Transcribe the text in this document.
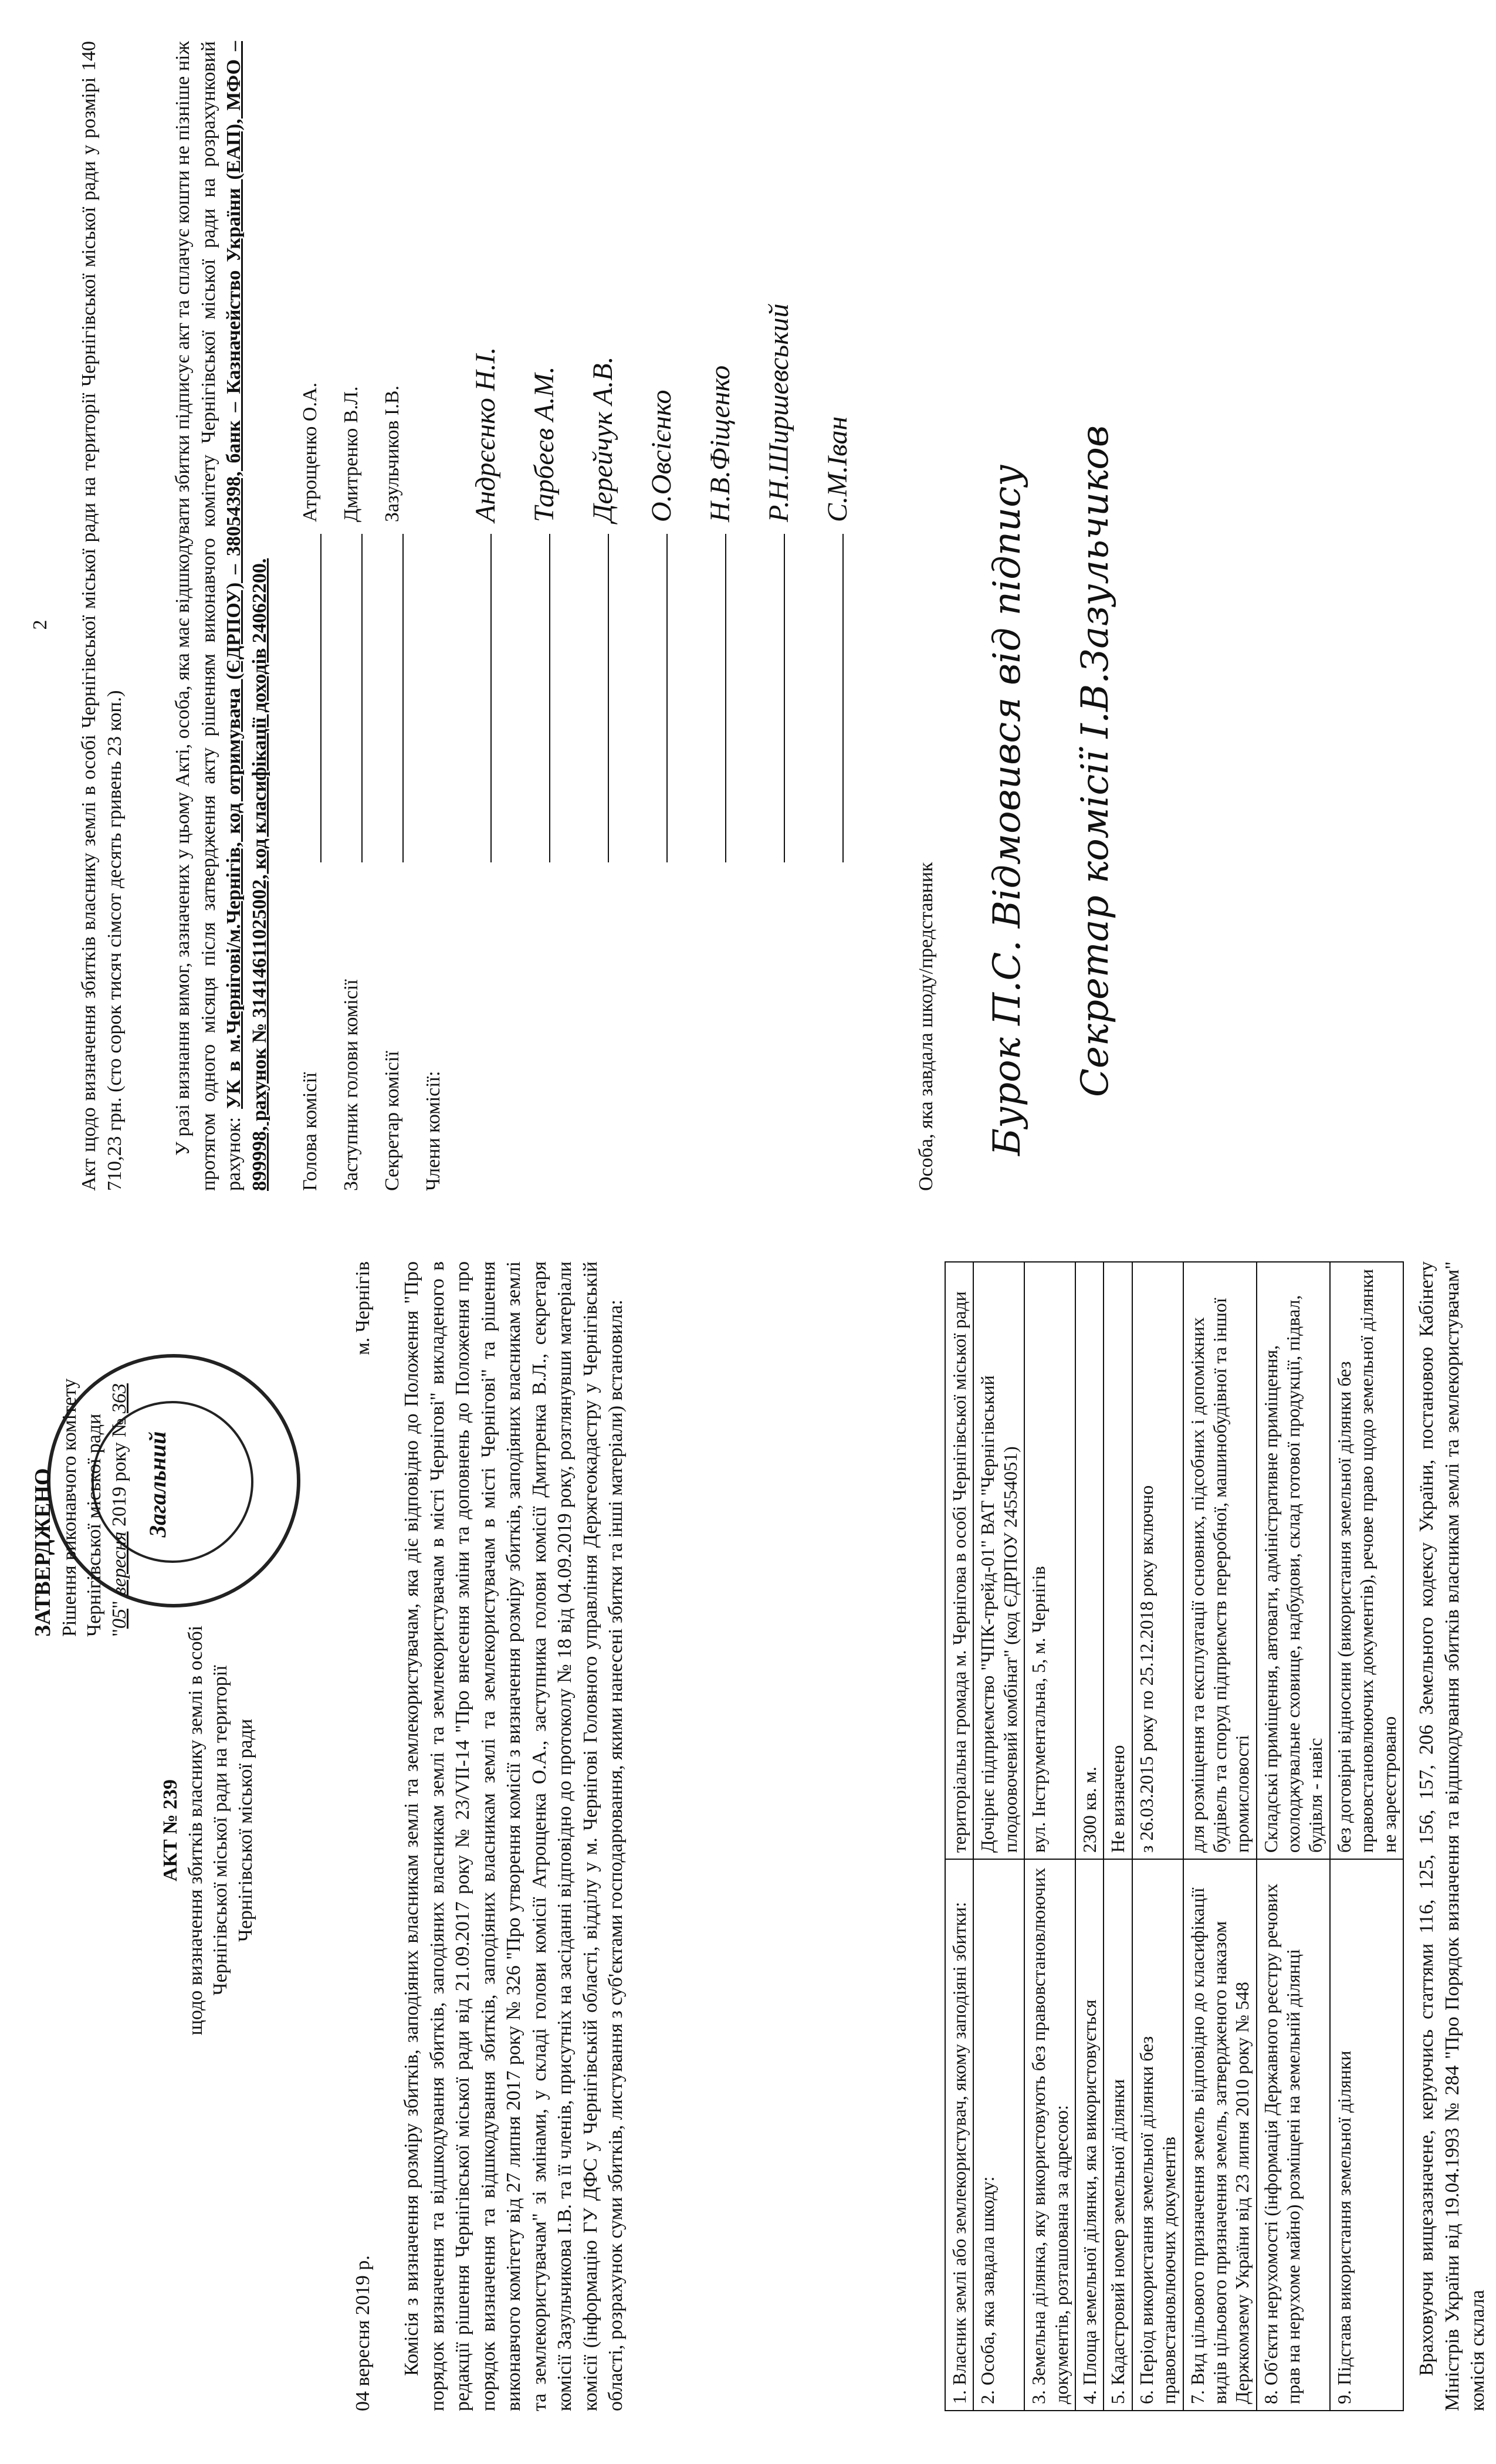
Загальний
ЗАТВЕРДЖЕНО Рішення виконавчого комітету Чернігівської міської ради "05" вересня 2019 року № 363
АКТ № 239 щодо визначення збитків власнику землі в особі Чернігівської міської ради на території Чернігівської міської ради
04 вересня 2019 р.
м. Чернігів Комісія з визначення розміру збитків, заподіяних власникам землі та землекористувачам, яка діє відповідно до Положення "Про порядок визначення та відшкодування збитків, заподіяних власникам землі та землекористувачам в місті Чернігові" викладеного в редакції рішення Чернігівської міської ради від 21.09.2017 року № 23/VII-14 "Про внесення зміни та доповнень до Положення про порядок визначення та відшкодування збитків, заподіяних власникам землі та землекористувачам в місті Чернігові" та рішення виконавчого комітету від 27 липня 2017 року № 326 "Про утворення комісії з визначення розміру збитків, заподіяних власникам землі та землекористувачам" зі змінами, у складі голови комісії Атрощенка О.А., заступника голови комісії Дмитренка В.Л., секретаря комісії Зазульчикова І.В. та її членів, присутніх на засіданні відповідно до протоколу № 18 від 04.09.2019 року, розглянувши матеріали комісії (інформацію ГУ ДФС у Чернігівській області, відділу у м. Чернігові Головного управління Держгеокадастру у Чернігівській області, розрахунок суми збитків, листування з суб'єктами господарювання, якими нанесені збитки та інші матеріали) встановила:	1. Власник землі або землекористувач, якому заподіяні збитки:	територіальна громада м. Чернігова в особі Чернігівської міської ради
2. Особа, яка завдала шкоду:	Дочірнє підприємство "ЧПК-трейд-01" ВАТ "Чернігівський плодоовочевий комбінат" (код ЄДРПОУ 24554051)
3. Земельна ділянка, яку використовують без правовстановлюючих документів, розташована за адресою:	вул. Інструментальна, 5, м. Чернігів
4. Площа земельної ділянки, яка використовується	2300 кв. м.
5. Кадастровий номер земельної ділянки	Не визначено
6. Період використання земельної ділянки без правовстановлюючих документів	з 26.03.2015 року по 25.12.2018 року включно
7. Вид цільового призначення земель відповідно до класифікації видів цільового призначення земель, затвердженого наказом Держкомзему України від 23 липня 2010 року № 548	для розміщення та експлуатації основних, підсобних і допоміжних будівель та споруд підприємств переробної, машинобудівної та іншої промисловості
8. Об'єкти нерухомості (інформація Державного реєстру речових прав на нерухоме майно) розміщені на земельній ділянці	Складські приміщення, автоваги, адміністративне приміщення, охолоджувальне сховище, надбудови, склад готової продукції, підвал, будівля - навіс
9. Підстава використання земельної ділянки	без договірні відносини (використання земельної ділянки без правовстановлюючих документів), речове право щодо земельної ділянки не зареєстровано Враховуючи вищезазначене, керуючись статтями 116, 125, 156, 157, 206 Земельного кодексу України, постановою Кабінету Міністрів України від 19.04.1993 № 284 "Про Порядок визначення та відшкодування збитків власникам землі та землекористувачам" комісія склала
2 Акт щодо визначення збитків власнику землі в особі Чернігівської міської ради на території Чернігівської міської ради у розмірі 140 710,23 грн. (сто сорок тисяч сімсот десять гривень 23 коп.) У разі визнання вимог, зазначених у цьому Акті, особа, яка має відшкодувати збитки підписує акт та сплачує кошти не пізніше ніж протягом одного місяця після затвердження акту рішенням виконавчого комітету Чернігівської міської ради на розрахунковий рахунок: УК в м.Чернігові/м.Чернігів, код отримувача (ЄДРПОУ) – 38054398, банк – Казначейство України (ЕАП), МФО – 899998, рахунок № 31414611025002, код класифікації доходів 24062200. Голова комісії
Атрощенко О.А.
Заступник голови комісії
Дмитренко В.Л.
Секретар комісії
Зазульчиков І.В.
Члени комісії:
Андрєєнко Н.І. Тарбеєв А.М. Дерейчук А.В. О.Овсієнко Н.В.Фіщенко Р.Н.Ширшевський С.М.Іван
Особа, яка завдала шкоду/представник Бурок П.С. Відмовився від підпису Секретар комісії І.В.Зазульчиков
